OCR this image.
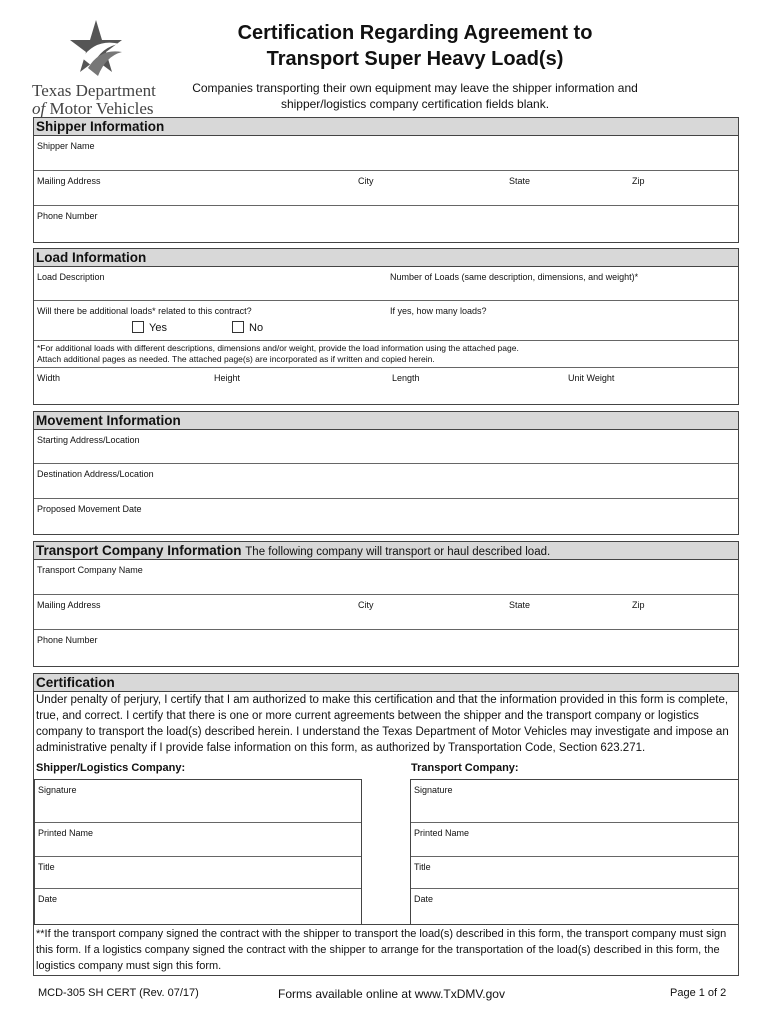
Texas Department
of Motor Vehicles
Certification Regarding Agreement to
Transport Super Heavy Load(s)
Companies transporting their own equipment may leave the shipper information and shipper/logistics company certification fields blank.
Shipper Information
Shipper Name
Mailing Address	City	State	Zip
Phone Number
Load Information
Load Description	Number of Loads (same description, dimensions, and weight)*
Will there be additional loads* related to this contract?	If yes, how many loads?
Yes	No
*For additional loads with different descriptions, dimensions and/or weight, provide the load information using the attached page.
Attach additional pages as needed. The attached page(s) are incorporated as if written and copied herein.
Width	Height	Length	Unit Weight
Movement Information
Starting Address/Location
Destination Address/Location
Proposed Movement Date
Transport Company Information The following company will transport or haul described load.
Transport Company Name
Mailing Address	City	State	Zip
Phone Number
Certification
Under penalty of perjury, I certify that I am authorized to make this certification and that the information provided in this form is complete, true, and correct. I certify that there is one or more current agreements between the shipper and the transport company or logistics company to transport the load(s) described herein. I understand the Texas Department of Motor Vehicles may investigate and impose an administrative penalty if I provide false information on this form, as authorized by Transportation Code, Section 623.271.
Shipper/Logistics Company:	Transport Company:
Signature
Printed Name
Title
Date
Signature
Printed Name
Title
Date
**If the transport company signed the contract with the shipper to transport the load(s) described in this form, the transport company must sign this form. If a logistics company signed the contract with the shipper to arrange for the transportation of the load(s) described in this form, the logistics company must sign this form.
MCD-305 SH CERT (Rev. 07/17)	Forms available online at www.TxDMV.gov	Page 1 of 2
